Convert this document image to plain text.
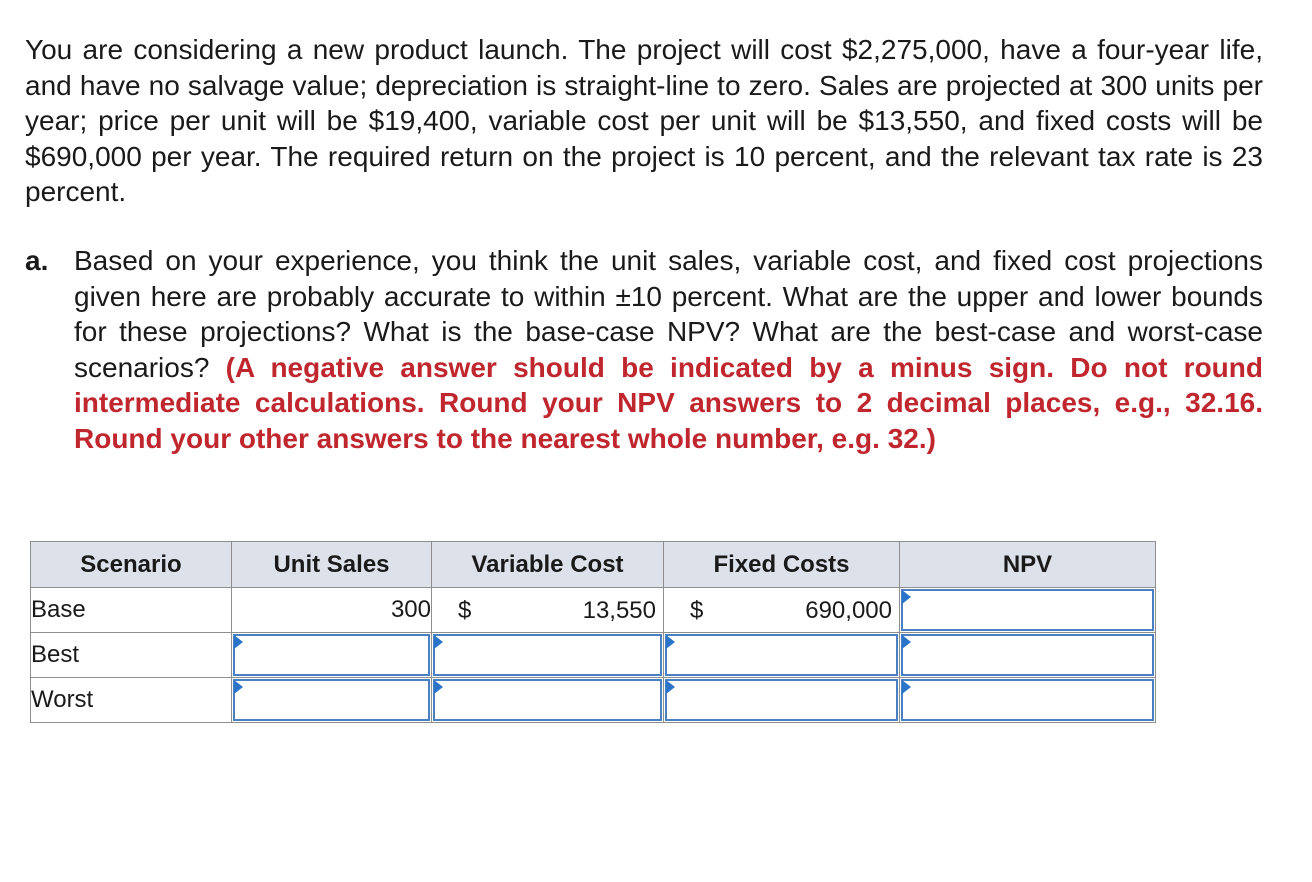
You are considering a new product launch. The project will cost $2,275,000, have a four-year life, and have no salvage value; depreciation is straight-line to zero. Sales are projected at 300 units per year; price per unit will be $19,400, variable cost per unit will be $13,550, and fixed costs will be $690,000 per year. The required return on the project is 10 percent, and the relevant tax rate is 23 percent.

a. Based on your experience, you think the unit sales, variable cost, and fixed cost projections given here are probably accurate to within ±10 percent. What are the upper and lower bounds for these projections? What is the base-case NPV? What are the best-case and worst-case scenarios? (A negative answer should be indicated by a minus sign. Do not round intermediate calculations. Round your NPV answers to 2 decimal places, e.g., 32.16. Round your other answers to the nearest whole number, e.g. 32.)
Scenario	Unit Sales	Variable Cost	Fixed Costs	NPV
Base	300	$ 13,550	$ 690,000	

Best	

Worst	
